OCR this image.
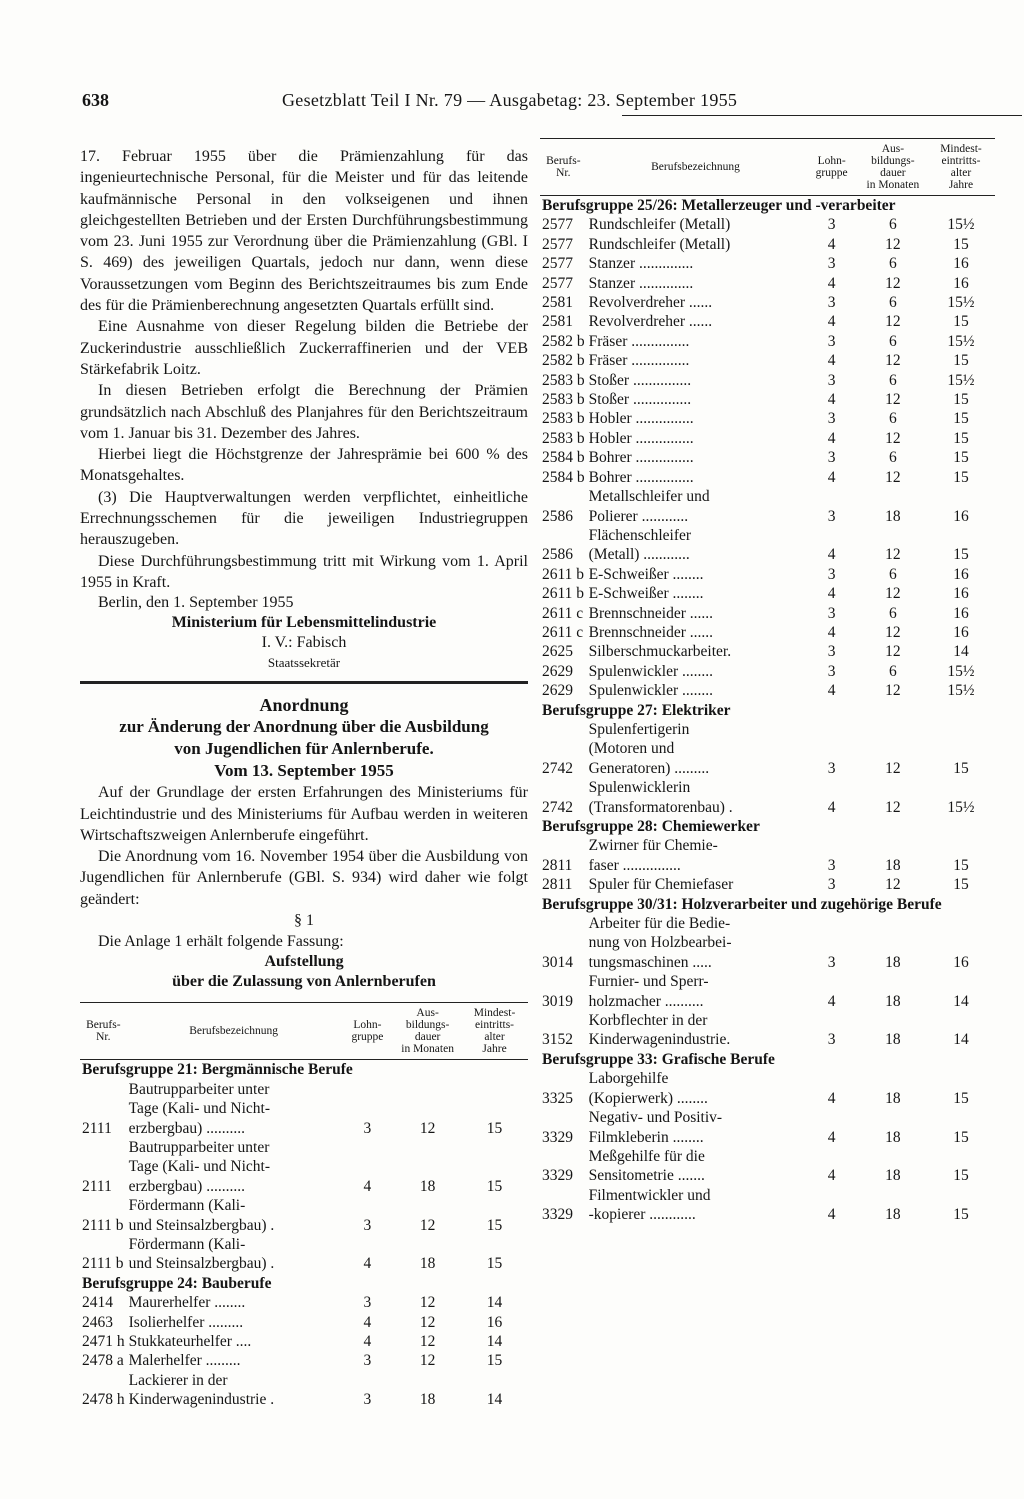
638	Gesetzblatt Teil I Nr. 79 — Ausgabetag: 23. September 1955

17. Februar 1955 über die Prämienzahlung für das ingenieurtechnische Personal, für die Meister und für das leitende kaufmännische Personal in den volkseigenen und ihnen gleichgestellten Betrieben und der Ersten Durchführungsbestimmung vom 23. Juni 1955 zur Verordnung über die Prämienzahlung (GBl. I S. 469) des jeweiligen Quartals, jedoch nur dann, wenn diese Voraussetzungen vom Beginn des Berichtszeitraumes bis zum Ende des für die Prämienberechnung angesetzten Quartals erfüllt sind.

Eine Ausnahme von dieser Regelung bilden die Betriebe der Zuckerindustrie ausschließlich Zuckerraffinerien und der VEB Stärkefabrik Loitz.

In diesen Betrieben erfolgt die Berechnung der Prämien grundsätzlich nach Abschluß des Planjahres für den Berichtszeitraum vom 1. Januar bis 31. Dezember des Jahres.

Hierbei liegt die Höchstgrenze der Jahresprämie bei 600 % des Monatsgehaltes.

(3) Die Hauptverwaltungen werden verpflichtet, einheitliche Errechnungsschemen für die jeweiligen Industriegruppen herauszugeben.

Diese Durchführungsbestimmung tritt mit Wirkung vom 1. April 1955 in Kraft.

Berlin, den 1. September 1955
Ministerium für Lebensmittelindustrie
I. V.: Fabisch
Staatssekretär
Anordnung
zur Änderung der Anordnung über die Ausbildung
von Jugendlichen für Anlernberufe.
Vom 13. September 1955

Auf der Grundlage der ersten Erfahrungen des Ministeriums für Leichtindustrie und des Ministeriums für Aufbau werden in weiteren Wirtschaftszweigen Anlernberufe eingeführt.

Die Anordnung vom 16. November 1954 über die Ausbildung von Jugendlichen für Anlernberufe (GBl. S. 934) wird daher wie folgt geändert:

§ 1

Die Anlage 1 erhält folgende Fassung:

Aufstellung
über die Zulassung von Anlernberufen
Berufs-
Nr.	Berufsbezeichnung	Lohn-
gruppe	Aus-
bildungs-
dauer
in Monaten	Mindest-
eintritts-
alter
Jahre
Berufsgruppe 21: Bergmännische Berufe				
2111	Bautrupparbeiter unter
Tage (Kali- und Nicht-
erzbergbau) ..........	3	12	15
2111	Bautrupparbeiter unter
Tage (Kali- und Nicht-
erzbergbau) ..........	4	18	15
2111 b	Fördermann (Kali-
und Steinsalzbergbau) .	3	12	15
2111 b	Fördermann (Kali-
und Steinsalzbergbau) .	4	18	15
Berufsgruppe 24: Bauberufe				
2414	Maurerhelfer ........	3	12	14
2463	Isolierhelfer .........	4	12	16
2471 h	Stukkateurhelfer ....	4	12	14
2478 a	Malerhelfer .........	3	12	15
2478 h	Lackierer in der
Kinderwagenindustrie .	3	18	14
Berufs-
Nr.	Berufsbezeichnung	Lohn-
gruppe	Aus-
bildungs-
dauer
in Monaten	Mindest-
eintritts-
alter
Jahre
Berufsgruppe 25/26: Metallerzeuger und -verarbeiter				
2577	Rundschleifer (Metall)	3	6	15½
2577	Rundschleifer (Metall)	4	12	15
2577	Stanzer ..............	3	6	16
2577	Stanzer ..............	4	12	16
2581	Revolverdreher ......	3	6	15½
2581	Revolverdreher ......	4	12	15
2582 b	Fräser ...............	3	6	15½
2582 b	Fräser ...............	4	12	15
2583 b	Stoßer ...............	3	6	15½
2583 b	Stoßer ...............	4	12	15
2583 b	Hobler ...............	3	6	15
2583 b	Hobler ...............	4	12	15
2584 b	Bohrer ...............	3	6	15
2584 b	Bohrer ...............	4	12	15
2586	Metallschleifer und
Polierer ............	3	18	16
2586	Flächenschleifer
(Metall) ............	4	12	15
2611 b	E-Schweißer ........	3	6	16
2611 b	E-Schweißer ........	4	12	16
2611 c	Brennschneider ......	3	6	16
2611 c	Brennschneider ......	4	12	16
2625	Silberschmuckarbeiter.	3	12	14
2629	Spulenwickler ........	3	6	15½
2629	Spulenwickler ........	4	12	15½
Berufsgruppe 27: Elektriker				
2742	Spulenfertigerin
(Motoren und
Generatoren) .........	3	12	15
2742	Spulenwicklerin
(Transformatorenbau) .	4	12	15½
Berufsgruppe 28: Chemiewerker				
2811	Zwirner für Chemie-
faser ...............	3	18	15
2811	Spuler für Chemiefaser	3	12	15
Berufsgruppe 30/31: Holzverarbeiter und zugehörige Berufe				
3014	Arbeiter für die Bedie-
nung von Holzbearbei-
tungsmaschinen .....	3	18	16
3019	Furnier- und Sperr-
holzmacher ..........	4	18	14
3152	Korbflechter in der
Kinderwagenindustrie.	3	18	14
Berufsgruppe 33: Grafische Berufe				
3325	Laborgehilfe
(Kopierwerk) ........	4	18	15
3329	Negativ- und Positiv-
Filmkleberin ........	4	18	15
3329	Meßgehilfe für die
Sensitometrie .......	4	18	15
3329	Filmentwickler und
-kopierer ............	4	18	15
